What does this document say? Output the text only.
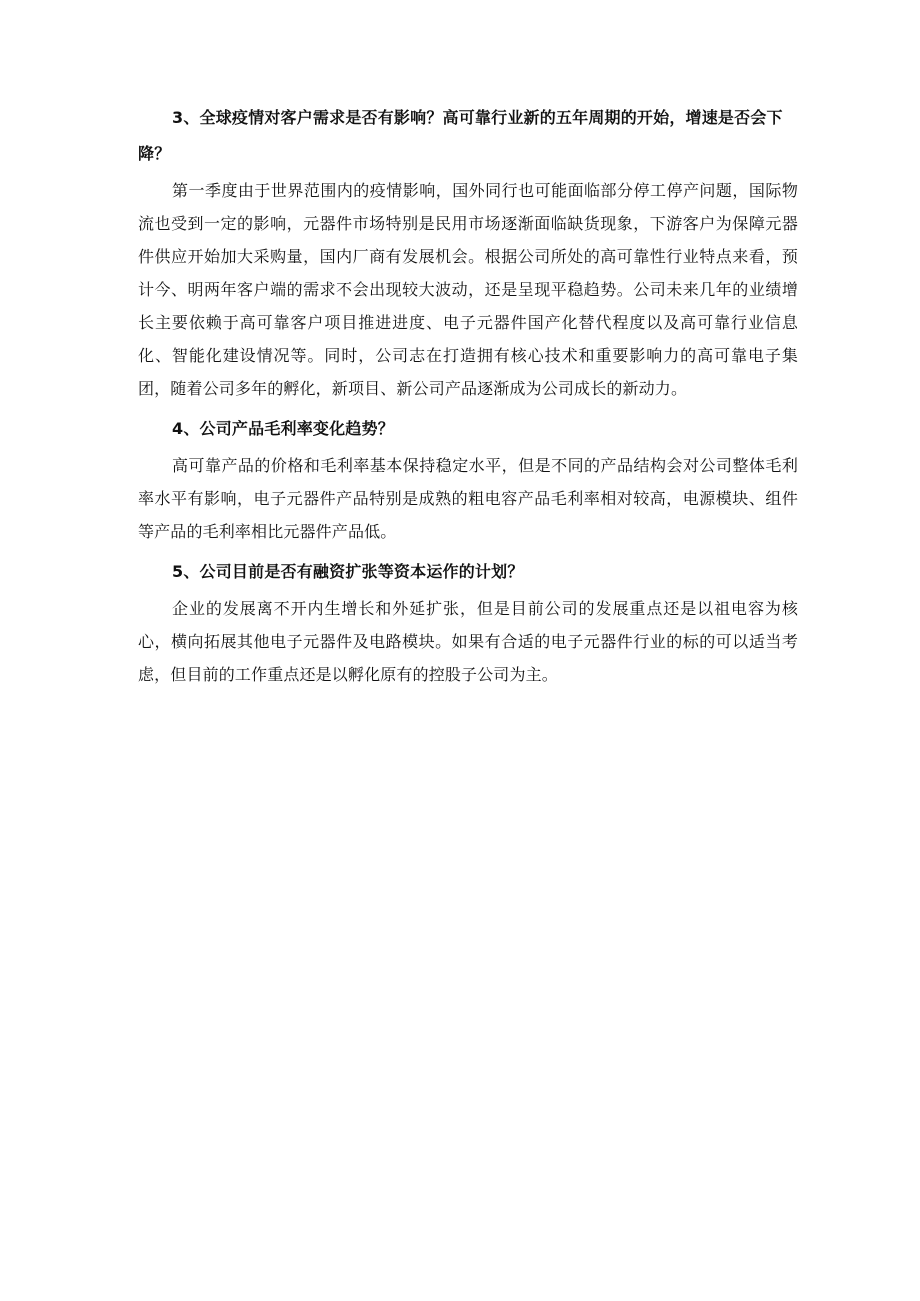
3、全球疫情对客户需求是否有影响？高可靠行业新的五年周期的开始，增速是否会下降？

第一季度由于世界范围内的疫情影响，国外同行也可能面临部分停工停产问题，国际物流也受到一定的影响，元器件市场特别是民用市场逐渐面临缺货现象，下游客户为保障元器件供应开始加大采购量，国内厂商有发展机会。根据公司所处的高可靠性行业特点来看，预计今、明两年客户端的需求不会出现较大波动，还是呈现平稳趋势。公司未来几年的业绩增长主要依赖于高可靠客户项目推进进度、电子元器件国产化替代程度以及高可靠行业信息化、智能化建设情况等。同时，公司志在打造拥有核心技术和重要影响力的高可靠电子集团，随着公司多年的孵化，新项目、新公司产品逐渐成为公司成长的新动力。

4、公司产品毛利率变化趋势？

高可靠产品的价格和毛利率基本保持稳定水平，但是不同的产品结构会对公司整体毛利率水平有影响，电子元器件产品特别是成熟的粗电容产品毛利率相对较高，电源模块、组件等产品的毛利率相比元器件产品低。

5、公司目前是否有融资扩张等资本运作的计划？

企业的发展离不开内生增长和外延扩张，但是目前公司的发展重点还是以祖电容为核心，横向拓展其他电子元器件及电路模块。如果有合适的电子元器件行业的标的可以适当考虑，但目前的工作重点还是以孵化原有的控股子公司为主。
